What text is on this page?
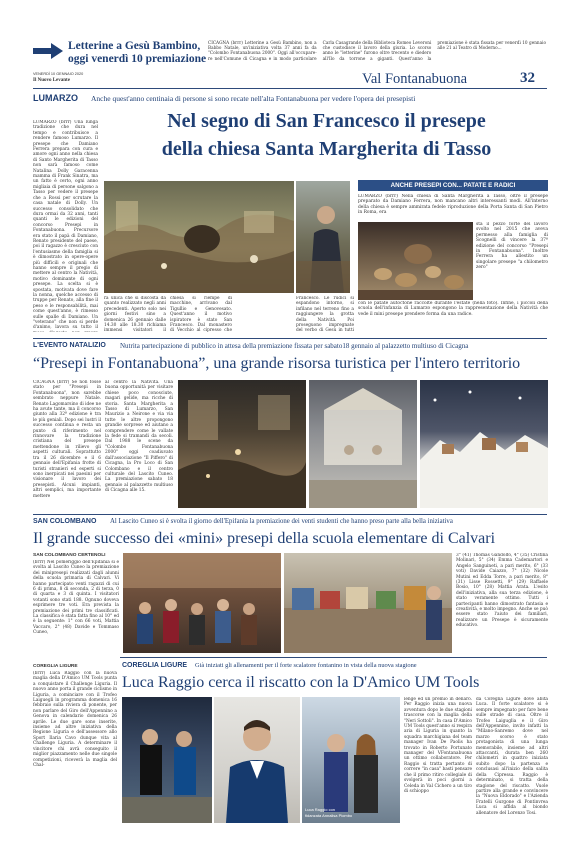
Letterine a Gesù Bambino,
oggi venerdì 10 premiazione
CICAGNA (brrr) Letterine a Gesù Bambino, non a Babbo Natale, un'iniziativa volta 37 anni fa da "Colombo Fontanabuona 2000". Oggi all'occupare- re nell'Comune di Cicagna e in modo particolare Carla Casagrande della Biblioteca Romeo Leveroni che custodisce il lavoro della giuria. Lo scorso anno le "letterine" furono oltre trecento e diedero all'Ilo da torrone a giganti. Quest'anno la premiazione è stata fissata per venerdì 10 gennaio alle 21 al Teatro di Moderno...
VENERDÌ 10 GENNAIO 2020
Il Nuovo Levante	Val Fontanabuona	32
LUMARZO Anche quest'anno centinaia di persone si sono recate nell'alta Fontanabuona per vedere l'opera dei presepisti
LUMARZO (brrr) Una lunga tradizione che dura nel tempo e contribuisce a rendere famoso Lumarzo. Il presepe che Damiano Ferrera prepara con cura e amore ogni anno nella chiesa di Santo Margherita di Tasso non sarà famoso come Natalina Dolly Garacenna mamma di Frank Sinatra, ma un fatto è certo, ogni anno migliaia di persone salgono a Tasso per vedere il presepe che a Rossi per scrutare la casa natale di Dolly. Un successo consolidato che dura ormai da 32 anni, tanti quanti le edizioni del concorso Presepi in Fontanabuona. Precursore era stato il papà di Damiano, Renato presidente del paese, poi il ragazzo è cresciuto con l'entusiasmo della famiglia si è dimostrato in opere-opere più difficili e originali che hanno sempre il pregio di mettere al centro la Natività, motivo dominante di ogni presepe. La scelta si è spostata, motivata dove fare la nonna, quelche accesso di truppe per Renato, alla fine il peso e le responsabilità, mai come quest'anno, è rimesso sulle spalle di Damiano. Un "veterano" che non si perde d'animo, lavora su tutto il
Nel segno di San Francesco il presepe
della chiesa Santa Margherita di Tasso
ra unica che si discosta da quanto realizzato negli anni precedenti. Aperto solo nei giorni festivi sino a domenica 26 gennaio dalle 14.30 alle 18.30 richiama immensi visitatori il
chiesa si riempe di macchine, arrivano dal Tigullio e Genovesato. Quest'anno il motivo ispiratore è stato San Francesco. Dal monastero di Vecchio al cipresso che
Francesco. Le rudici si espandono intorno, si infilano nel terreno fino a raggiungere la grotta della Natività. Poi proseguono impregnate del verbo di Gesù in tutti
ANCHE PRESEPI CON... PATATE E RADICI
LUMARZO (brrr) Nella chiesa di Santa Margherita a Tasso, oltre il presepe preparato da Damiano Ferrera, non mancano altri interessanti modi. All'interno della chiesa è sempre ammirata fedele riproduzione della Porta Santa di San Pietro in Roma, era
sta il pezzo forte del lavoro svolto nel 2015 che aveva permesso alla famiglia di Scognelli di vincere la 37ª edizione del concorso "Presepi in Fontanabuona". Inoltre Ferrera ha allestito un singolare presepe "a chilometro zero"
con le patate autoctone raccolte durante l'estate (nella foto). Infine, i piccoli della scuola dell'infanzia di Lumarzo espongono la rappresentazione della Natività che vede il mini presepe prendere forma da una radice.
L'EVENTO NATALIZIO Nutrita partecipazione di pubblico in attesa della premiazione fissata per sabato18 gennaio al palazzetto multiuso di Cicagna
“Presepi in Fontanabuona”, una grande risorsa turistica per l'intero territorio
CICAGNA (brrr) Se non fosse stato per "Presepi in Fontanabuona", non sarebbe sembrato neppure Natale. Renato Lagomarsino di idee ne ha avute tante, ma il concorso giunto alla 32ª edizione è tra le più geniali. Dopo sei lustri il successo continua e resta un punto di riferimento nel rinnovare la tradizione cristiana del presepe mettendone in rilievo gli aspetti culturali. Soprattutto tra il 26 dicembre e il 6 gennaio dell'Epifania frotte di turisti stranieri ed esperti si sono inerpicati nei paesini per visionare il lavoro dei presepisti. Alcuni impianti, altri semplici, ma importante mettere
al centro la Natività. Una buona opportunità per visitare chiese poco conosciute, magari gelide, ma ricche di storia. Santa Margherita a Tasso di Lumarzo, San Maurizio a Neirone e via via tutte le altre propongono grandie sorprese ed aiutano a comprendere come le vallate la fede si tramandi da secoli. Dal 1988 le scene da "Colombo Fontanabuona 2000" oggi coadiuvato dall'associazione "Il Piffero" di Cicagna, la Pro Loco di San Colombano e il centro culturale del Lascito Cuneo. La premiazione sabato 18 gennaio al palazzetto multiuso di Cicagna alle 15.
SAN COLOMBANO Al Lascito Cuneo si è svolta il giorno dell'Epifania la premiazione dei venti studenti che hanno preso parte alla bella iniziativa
Il grande successo dei «mini» presepi della scuola elementare di Calvari
SAN COLOMBANO CERTENOLI
(brrr) Nel pomeriggio dell'Epifania si è svolta al Lascito Cuneo la premiazione dei minipresepi realizzati dagli alunni della scuola primaria di Calvari. Vi hanno partecipato venti ragazzi di cui 6 di prima, 8 di seconda, 2 di terza, 0 di quarta e 3 di quinta. I visitatori votanti sono stati 188. Ognuno doveva esprimere tre voti. Era prevista la premiazione dei primi tre classificati. La classifica è stata fatta fino al 10° ed è la seguente: 1° con 66 voti, Mattia Vaccaro, 2° (48) Davide e Tommaso Cuneo,
3° (41) Thomas Gandolfo, 4° (35) Cristina Molinari, 5° (34) Emma Cademartori e Angelo Sanguineti, a pari merito, 6° (33 voti) Davide Caiazzo, 7° (32) Nicole Mutini ed Edda Torre, a pari merito, 8° (31) Lisse Rossetti, 9° (29) Raffaele Bosio, 10° (28) Mattia Arata. L'esito dell'iniziativa, alla sua terza edizione, è stato veramente ottimo. Tutti i partecipanti hanno dimostrato fantasia e creatività, e molto impegno. Anche se può essere stato l'aiuto dei familiari, realizzare un Presepe è sicuramente educativo.
COREGLIA LIGURE Già iniziati gli allenamenti per il forte scalatore fontanino in vista della nuova stagione
Luca Raggio cerca il riscatto con la D'Amico UM Tools
COREGLIA LIGURE
(brrr) Luca Raggio con la nuova maglia della D'Amico UM Tools punta a conquistare il Challenge Liguria. Il nuovo anno porta il grande ciclismo in Liguria, a cominciare con il Trofeo Laiguegli in programma domenica 16 febbraio sulla riviera di ponente, per non parlare del Giro dell'Appennino a Genova in calendario domenica 26 aprile. Le due gare sono inserite, insieme ad altre iniziativa della Regione Liguria e dell'assessore allo Sport Ilaria Cavo dunque vita al Challenge Liguria. A determinare il vincitore chi avrà conseguito il miglior piazzamento nelle due singole competizioni, riceverà la maglia del Chal-
Luca Raggio con
fidanzata Annalisa Piombo
lenge ed un premio in denaro. Per Raggio inizia una nuova avventura dopo le due stagioni trascorse con la maglia della "Neri Sottoli". In casa D'Amico UM Tools quest'anno si respira aria di Liguria in quanto la squadra marchigiana del team manager Ivan De Paolis ha trovato in Roberto Portunato manager del VFontanabuona un ottimo collaboratore. Per Raggio si tratta pertanto di correre "in casa" basti pensare che il primo ritiro collegiale di svolgerà in poci giorni a Celeda in Val Cichero a un tiro di schioppo
da Coreglia Ligure dove abita Luca. Il forte scalatore si è sempre impegnato per fare bene sulle strade di casa. Oltre il Trofeo Laiguglia e il Giro dell'Appennino, invito infatti la "Milano-Sanremo dove nel marzo scorso è stato protagonista di una lunga memorabile, insieme ad altri attaccanti, durata ben 260 chilometri in quattro iniziata subito dopo la partenza e conclusasi all'inizio della salita della Cipressa. Raggio è determinato, si tratta della stagione del riscatto. Vuole partire alla grande e convincere la "Nuova Eldorado" e l'Azienda Fratelli Gurgone di Pontinvrea Luca si affida al biondo allenatore del Lorenzo Tosi.
